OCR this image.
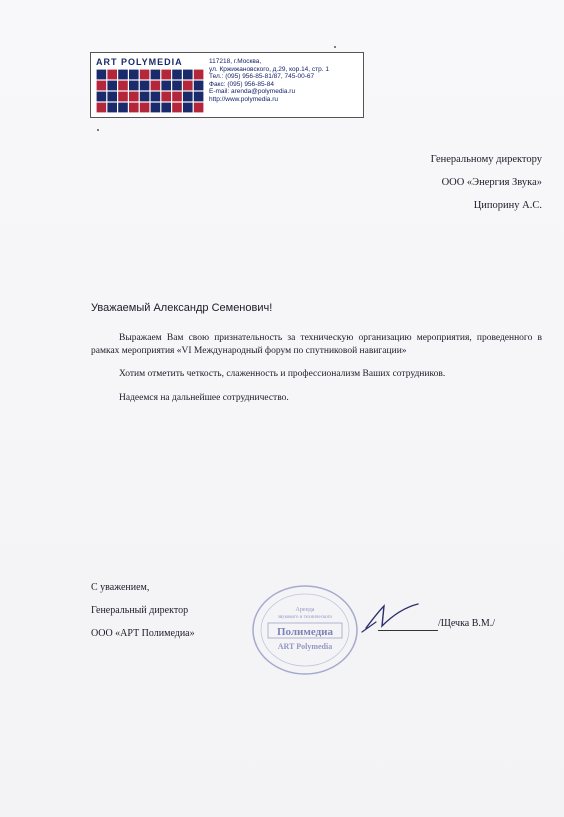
ART POLYMEDIA	117218, г.Москва,
ул. Кржижановского, д.29, кор.14, стр. 1
Тел.: (095) 956-85-81/87, 745-00-67
Факс: (095) 956-85-84
E-mail: arenda@polymedia.ru
http://www.polymedia.ru
Генеральному директору
ООО «Энергия Звука»
Ципорину А.С.
Уважаемый Александр Семенович!

Выражаем Вам свою признательность за техническую организацию мероприятия, проведенного в рамках мероприятия «VI Международный форум по спутниковой навигации»

Хотим отметить четкость, слаженность и профессионализм Ваших сотрудников.

Надеемся на дальнейшее сотрудничество.

С уважением,
Генеральный директор
ООО «АРТ Полимедиа»
Аренда
звукового и технического
Полимедиа
ART Polymedia
/Щечка В.М./
